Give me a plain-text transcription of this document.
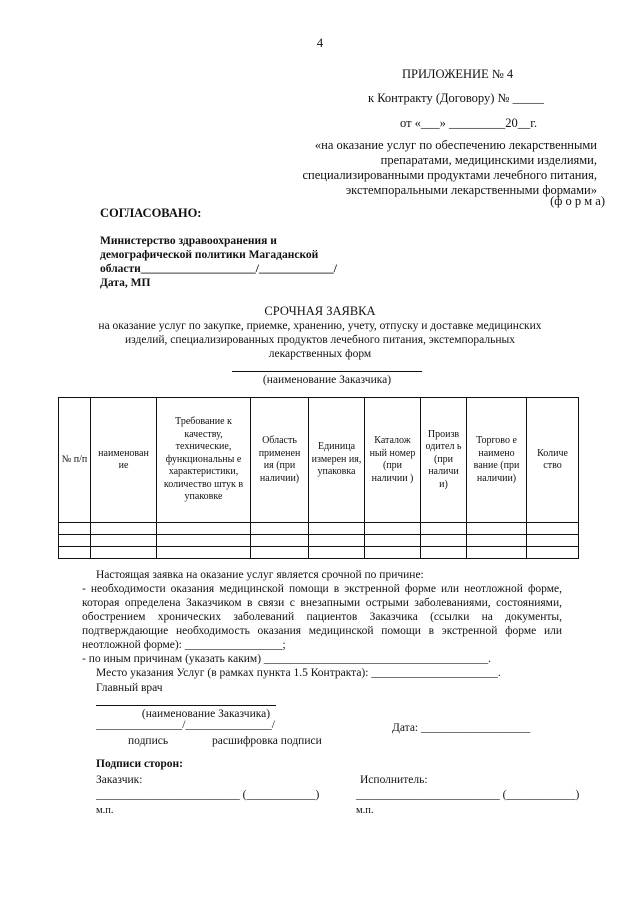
4
ПРИЛОЖЕНИЕ № 4
к Контракту (Договору) № _____
от «___» _________20__г.
«на оказание услуг по обеспечению лекарственными
препаратами, медицинскими изделиями,
специализированными продуктами лечебного питания,
экстемпоральными лекарственными формами»
(ф о р м а)
СОГЛАСОВАНО:
Министерство здравоохранения и
демографической политики Магаданской
области____________________/_____________/
Дата, МП
СРОЧНАЯ ЗАЯВКА
на оказание услуг по закупке, приемке, хранению, учету, отпуску и доставке медицинских
изделий, специализированных продуктов лечебного питания, экстемпоральных
лекарственных форм
(наименование Заказчика)
№ п/п	наименован ие	Требование к качеству, технические, функциональны е характеристики, количество штук в упаковке	Область применен ия (при наличии)	Единица измерен ия, упаковка	Каталож ный номер (при наличии )	Произв одител ь (при наличи и)	Торгово е наимено вание (при наличии)	Количе ство

Настоящая заявка на оказание услуг является срочной по причине:
- необходимости оказания медицинской помощи в экстренной форме или неотложной форме, которая определена Заказчиком в связи с внезапными острыми заболеваниями, состояниями, обострением хронических заболеваний пациентов Заказчика (ссылки на документы, подтверждающие необходимость оказания медицинской помощи в экстренной форме или неотложной форме): _________________;
- по иным причинам (указать каким) _______________________________________.
Место указания Услуг (в рамках пункта 1.5 Контракта): ______________________.
Главный врач
(наименование Заказчика)
_______________/_______________/
подпись	расшифровка подписи
Дата: ___________________
Подписи сторон:
Заказчик:	Исполнитель:
_________________________ (____________)	_________________________ (____________)
м.п.	м.п.
